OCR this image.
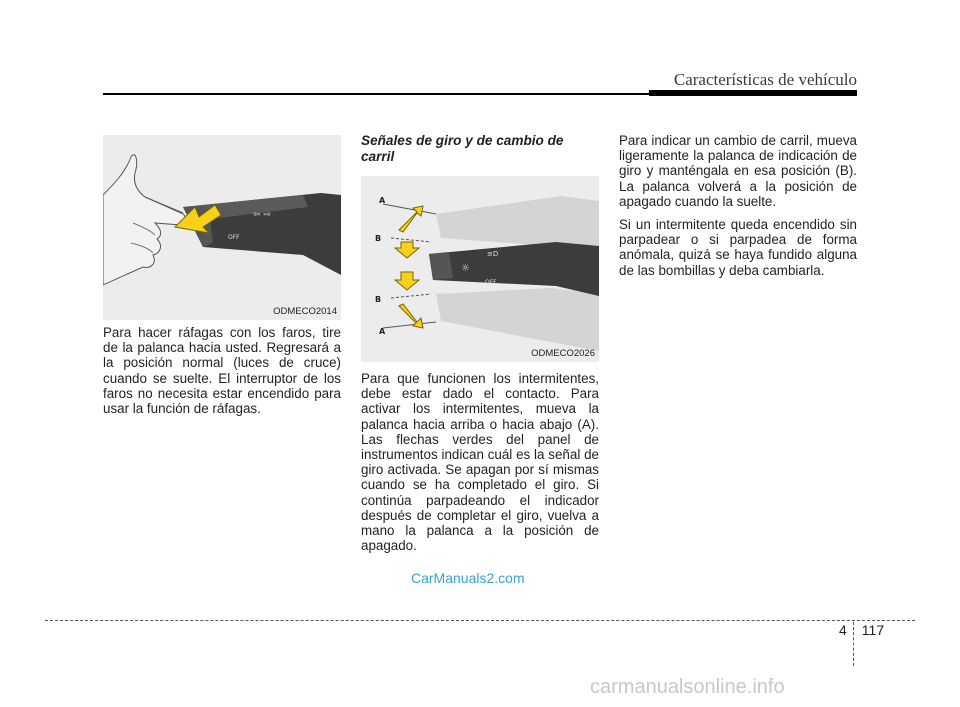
Características de vehículo
⇦ ⇨
OFF
ODMECO2014

Para hacer ráfagas con los faros, tire de la palanca hacia usted. Regresará a la posición normal (luces de cruce) cuando se suelte. El interruptor de los faros no necesita estar encendido para usar la función de ráfagas.

Señales de giro y de cambio de carril
☼
≡D
OFF
A
B
B
A
ODMECO2026

Para que funcionen los intermitentes, debe estar dado el contacto. Para activar los intermitentes, mueva la palanca hacia arriba o hacia abajo (A). Las flechas verdes del panel de instrumentos indican cuál es la señal de giro activada. Se apagan por sí mismas cuando se ha completado el giro. Si continúa parpadeando el indicador después de completar el giro, vuelva a mano la palanca a la posición de apagado.

Para indicar un cambio de carril, mueva ligeramente la palanca de indicación de giro y manténgala en esa posición (B). La palanca volverá a la posición de apagado cuando la suelte.

Si un intermitente queda encendido sin parpadear o si parpadea de forma anómala, quizá se haya fundido alguna de las bombillas y deba cambiarla.

CarManuals2.com
4 117
carmanualsonline.info
